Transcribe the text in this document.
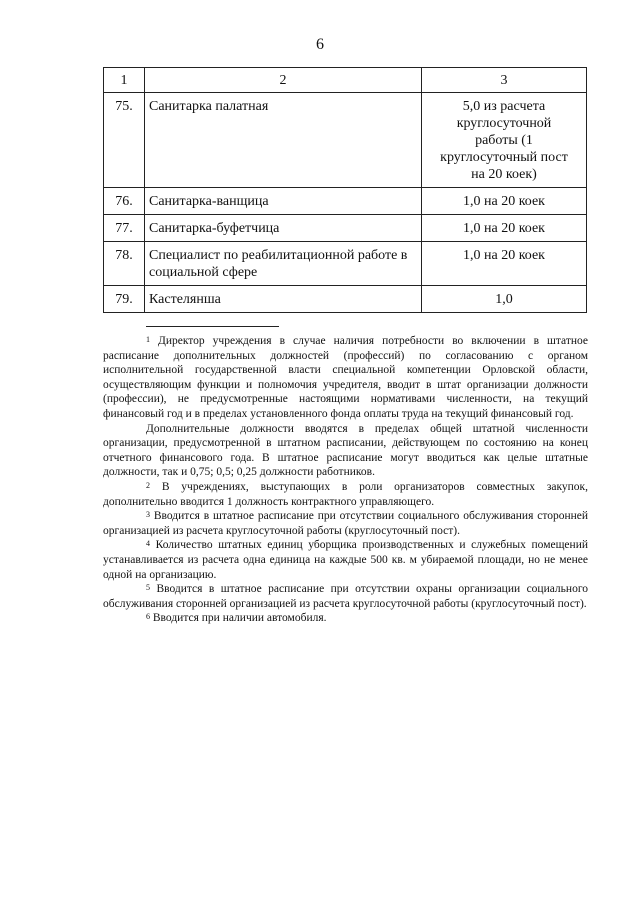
6
1	2	3
75.	Санитарка палатная	5,0 из расчета круглосуточной работы (1 круглосуточный пост на 20 коек)

76.	Санитарка-ванщица	1,0 на 20 коек
77.	Санитарка-буфетчица	1,0 на 20 коек
78.	Специалист по реабилитационной работе в социальной сфере	1,0 на 20 коек
79.	Кастелянша	1,0

$^1$ Директор учреждения в случае наличия потребности во включении в штатное расписание дополнительных должностей (профессий) по согласованию с органом исполнительной государственной власти специальной компетенции Орловской области, осуществляющим функции и полномочия учредителя, вводит в штат организации должности (профессии), не предусмотренные настоящими нормативами численности, на текущий финансовый год и в пределах установленного фонда оплаты труда на текущий финансовый год.

Дополнительные должности вводятся в пределах общей штатной численности организации, предусмотренной в штатном расписании, действующем по состоянию на конец отчетного финансового года. В штатное расписание могут вводиться как целые штатные должности, так и 0,75; 0,5; 0,25 должности работников.

$^2$ В учреждениях, выступающих в роли организаторов совместных закупок, дополнительно вводится 1 должность контрактного управляющего.

$^3$ Вводится в штатное расписание при отсутствии социального обслуживания сторонней организацией из расчета круглосуточной работы (круглосуточный пост).

$^4$ Количество штатных единиц уборщика производственных и служебных помещений устанавливается из расчета одна единица на каждые 500 кв. м убираемой площади, но не менее одной на организацию.

$^5$ Вводится в штатное расписание при отсутствии охраны организации социального обслуживания сторонней организацией из расчета круглосуточной работы (круглосуточный пост).

$^6$ Вводится при наличии автомобиля.
